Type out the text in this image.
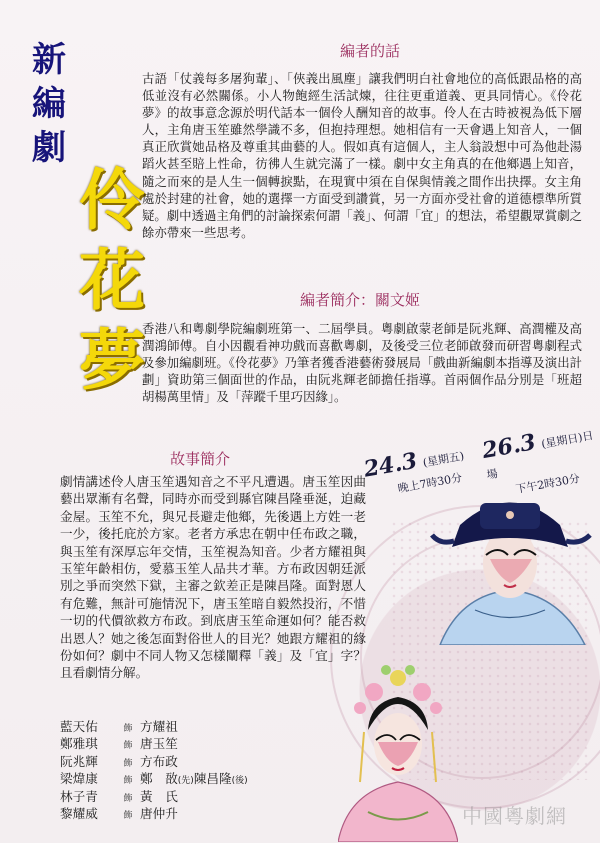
新
編
劇
伶
花
夢
編者的話
古語「仗義每多屠狗輩」、「俠義出風塵」讓我們明白社會地位的高低跟品格的高低並沒有必然關係。小人物飽經生活試煉，往往更重道義、更具同情心。《伶花夢》的故事意念源於明代話本一個伶人酬知音的故事。伶人在古時被視為低下層人，主角唐玉笙雖然學識不多，但抱持理想。她相信有一天會遇上知音人，一個真正欣賞她品格及尊重其曲藝的人。假如真有這個人，主人翁設想中可為他赴湯蹈火甚至賠上性命，彷彿人生就完滿了一樣。劇中女主角真的在他鄉遇上知音，隨之而來的是人生一個轉捩點，在現實中須在自保與情義之間作出抉擇。女主角處於封建的社會，她的選擇一方面受到讚賞，另一方面亦受社會的道德標準所質疑。劇中透過主角們的討論探索何謂「義」、何謂「宜」的想法，希望觀眾賞劇之餘亦帶來一些思考。
編者簡介：關文姬
香港八和粵劇學院編劇班第一、二屆學員。粵劇啟蒙老師是阮兆輝、高潤權及高潤鴻師傅。自小因觀看神功戲而喜歡粵劇，及後受三位老師啟發而研習粵劇程式及參加編劇班。《伶花夢》乃筆者獲香港藝術發展局「戲曲新編劇本指導及演出計劃」資助第三個面世的作品，由阮兆輝老師擔任指導。首兩個作品分別是「班超胡楊萬里情」及「萍蹤千里巧因緣」。
故事簡介
劇情講述伶人唐玉笙遇知音之不平凡遭遇。唐玉笙因曲藝出眾漸有名聲，同時亦而受到縣官陳昌隆垂涎，迫藏金屋。玉笙不允，與兄長避走他鄉，先後遇上方姓一老一少，後托庇於方家。老者方承忠在朝中任布政之職，與玉笙有深厚忘年交情，玉笙視為知音。少者方耀祖與玉笙年齡相仿，愛慕玉笙人品共才華。方布政因朝廷派別之爭而突然下獄，主審之欽差正是陳昌隆。面對恩人有危難，無計可施情況下，唐玉笙暗自毅然投洐，不惜一切的代價欲救方布政。到底唐玉笙命運如何？能否救出恩人？她之後怎面對俗世人的目光？她跟方耀祖的緣份如何？劇中不同人物又怎樣闡釋「義」及「宜」字？且看劇情分解。
24.3 (星期五)
晚上7時30分
26.3 (星期日)日場 下午2時30分
藍天佑	飾 方耀祖
鄭雅琪	飾 唐玉笙
阮兆輝	飾 方布政
梁煒康	飾 鄭　敔(先)陳昌隆(後)
林子青	飾 黃　氏
黎耀威	飾 唐仲升	中國粵劇網
